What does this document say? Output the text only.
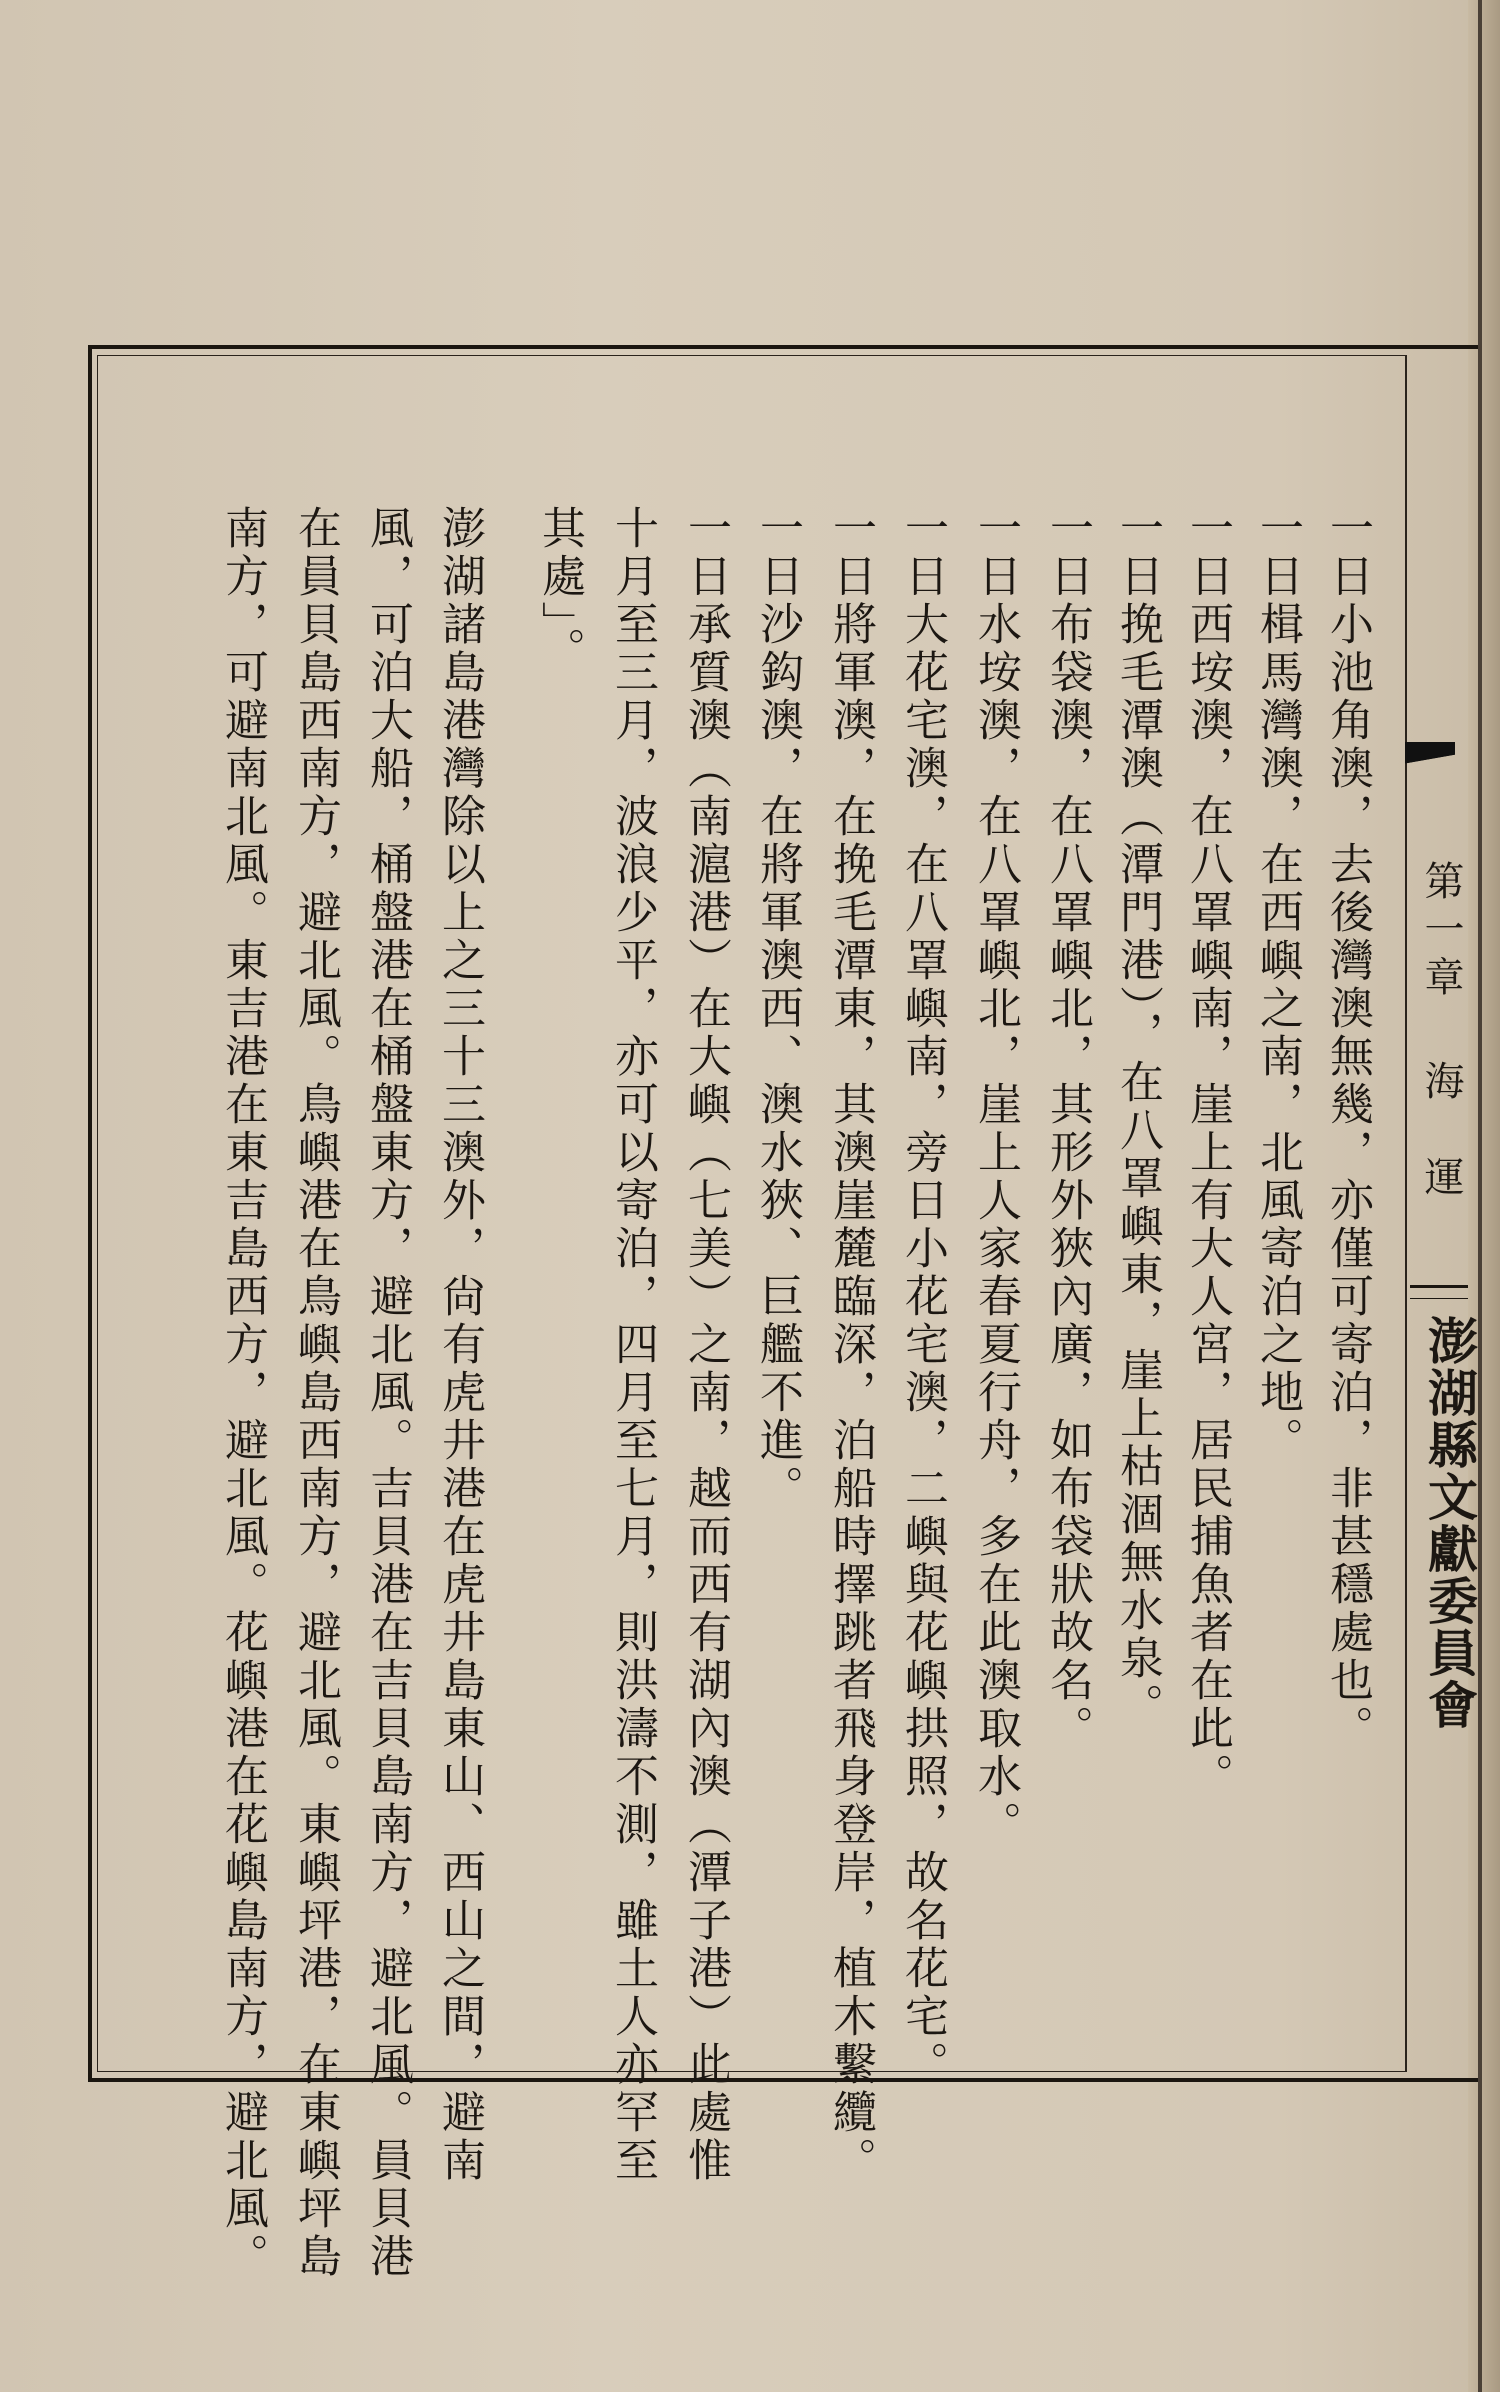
第一章
海　運
澎湖縣文獻委員會
一日小池角澳，去後灣澳無幾，亦僅可寄泊，非甚穩處也。
一日楫馬灣澳，在西嶼之南，北風寄泊之地。
一日西垵澳，在八罩嶼南，崖上有大人宮，居民捕魚者在此。
一日挽毛潭澳（潭門港），在八罩嶼東，崖上枯涸無水泉。
一日布袋澳，在八罩嶼北，其形外狹內廣，如布袋狀故名。
一日水垵澳，在八罩嶼北，崖上人家春夏行舟，多在此澳取水。
一日大花宅澳，在八罩嶼南，旁日小花宅澳，二嶼與花嶼拱照，故名花宅。
一日將軍澳，在挽毛潭東，其澳崖麓臨深，泊船時擇跳者飛身登岸，植木繫纜。
一日沙鈎澳，在將軍澳西、澳水狹、巨艦不進。
一日承質澳（南滬港）在大嶼（七美）之南，越而西有湖內澳（潭子港）此處惟
十月至三月，波浪少平，亦可以寄泊，四月至七月，則洪濤不測，雖土人亦罕至
其處」。
澎湖諸島港灣除以上之三十三澳外，尙有虎井港在虎井島東山、西山之間，避南
風，可泊大船，桶盤港在桶盤東方，避北風。吉貝港在吉貝島南方，避北風。員貝港
在員貝島西南方，避北風。鳥嶼港在鳥嶼島西南方，避北風。東嶼坪港，在東嶼坪島
南方，可避南北風。東吉港在東吉島西方，避北風。花嶼港在花嶼島南方，避北風。
